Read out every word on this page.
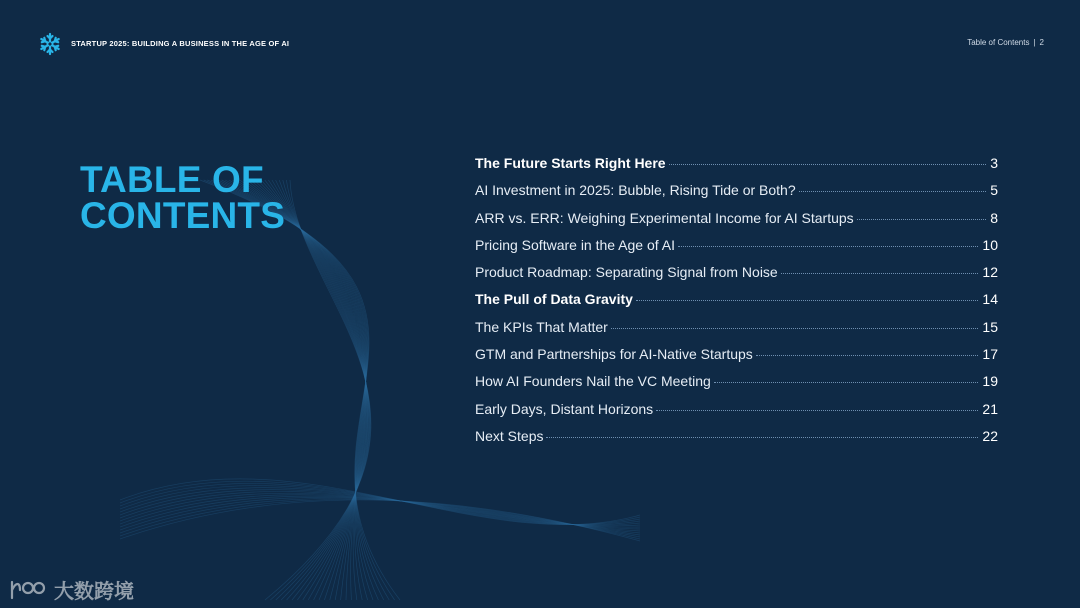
STARTUP 2025: BUILDING A BUSINESS IN THE AGE OF AI	Table of Contents | 2
TABLE OF
CONTENTS
The Future Starts Right Here	3
AI Investment in 2025: Bubble, Rising Tide or Both?	5
ARR vs. ERR: Weighing Experimental Income for AI Startups	8
Pricing Software in the Age of AI	10
Product Roadmap: Separating Signal from Noise	12
The Pull of Data Gravity	14
The KPIs That Matter	15
GTM and Partnerships for AI-Native Startups	17
How AI Founders Nail the VC Meeting	19
Early Days, Distant Horizons	21
Next Steps	22
大数跨境
